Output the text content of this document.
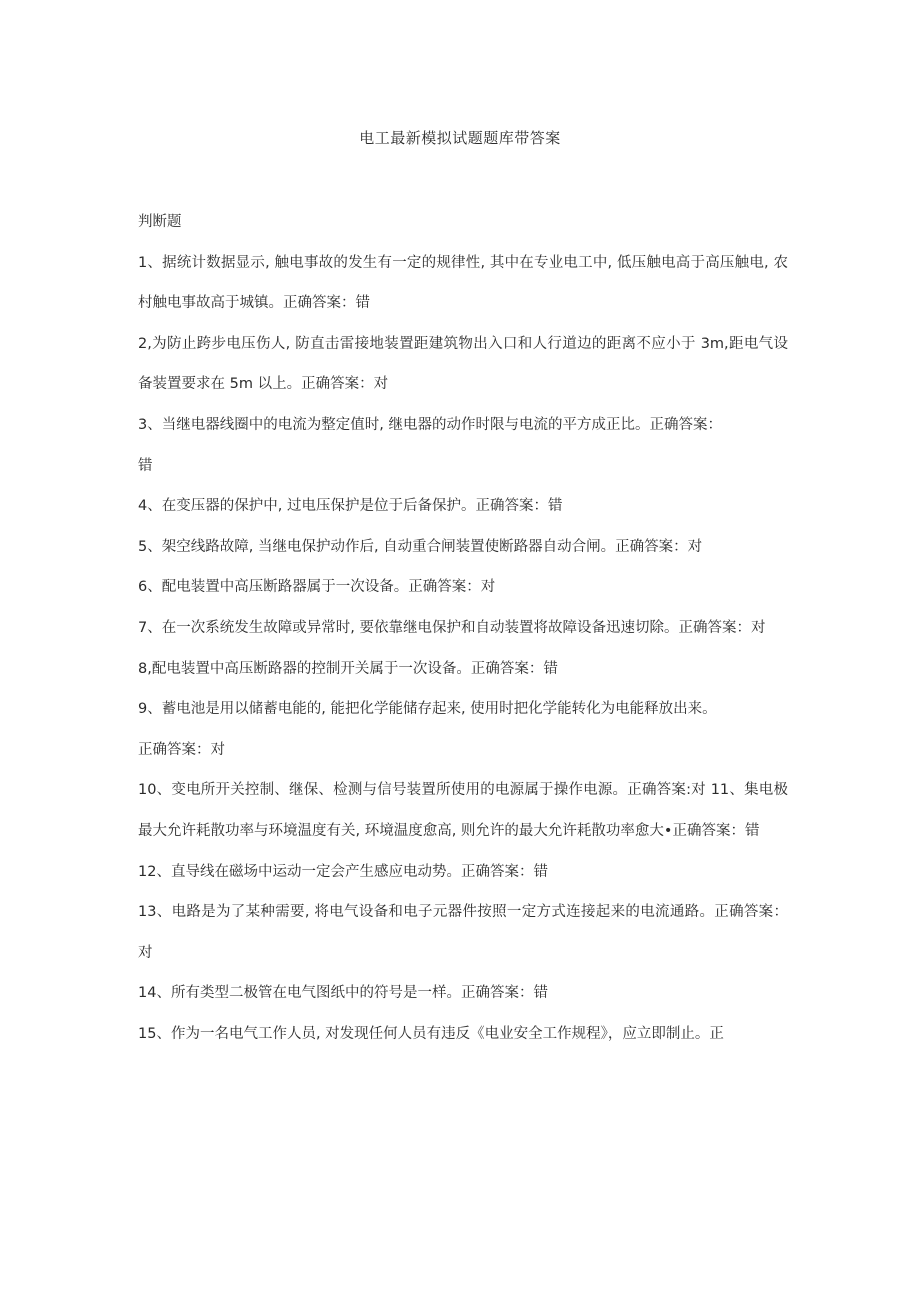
电工最新模拟试题题库带答案

判断题

1、据统计数据显示, 触电事故的发生有一定的规律性, 其中在专业电工中, 低压触电高于高压触电, 农村触电事故高于城镇。正确答案：错

2,为防止跨步电压伤人, 防直击雷接地装置距建筑物出入口和人行道边的距离不应小于 3m,距电气设备装置要求在 5m 以上。正确答案：对

3、当继电器线圈中的电流为整定值时, 继电器的动作时限与电流的平方成正比。正确答案：

错

4、在变压器的保护中, 过电压保护是位于后备保护。正确答案：错

5、架空线路故障, 当继电保护动作后, 自动重合闸装置使断路器自动合闸。正确答案：对

6、配电装置中高压断路器属于一次设备。正确答案：对

7、在一次系统发生故障或异常时, 要依靠继电保护和自动装置将故障设备迅速切除。正确答案：对

8,配电装置中高压断路器的控制开关属于一次设备。正确答案：错

9、蓄电池是用以储蓄电能的, 能把化学能储存起来, 使用时把化学能转化为电能释放出来。

正确答案：对

10、变电所开关控制、继保、检测与信号装置所使用的电源属于操作电源。正确答案:对 11、集电极最大允许耗散功率与环境温度有关, 环境温度愈高, 则允许的最大允许耗散功率愈大•正确答案：错

12、直导线在磁场中运动一定会产生感应电动势。正确答案：错

13、电路是为了某种需要, 将电气设备和电子元器件按照一定方式连接起来的电流通路。正确答案：对

14、所有类型二极管在电气图纸中的符号是一样。正确答案：错

15、作为一名电气工作人员, 对发现任何人员有违反《电业安全工作规程》，应立即制止。正
